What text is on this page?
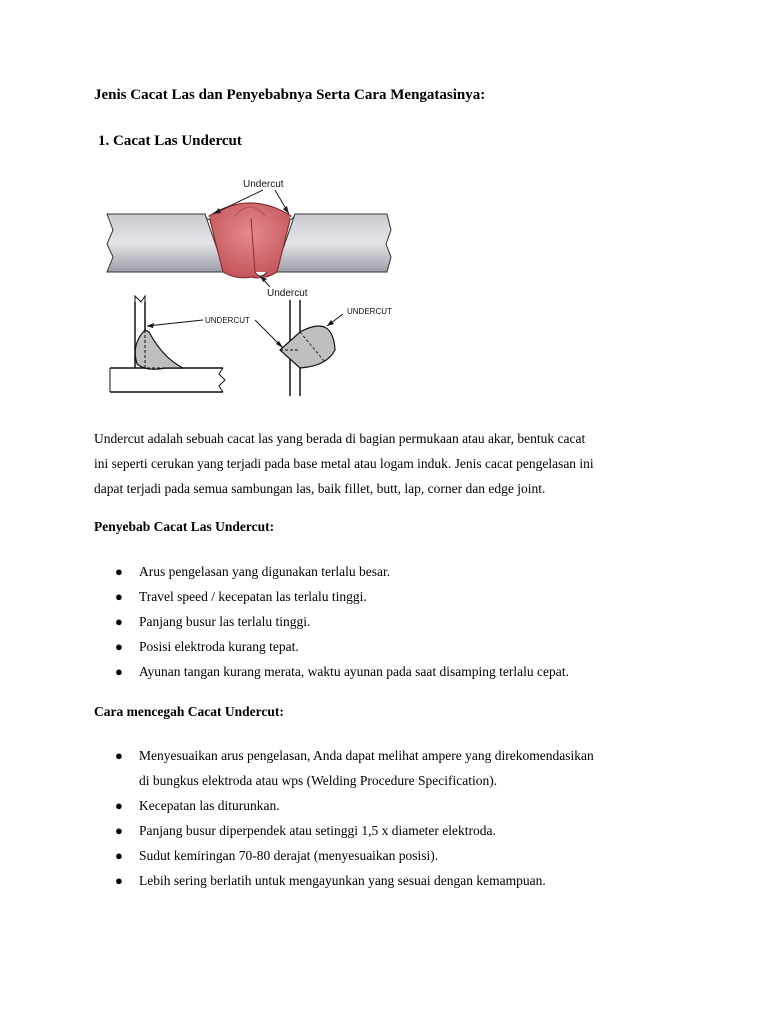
Jenis Cacat Las dan Penyebabnya Serta Cara Mengatasinya:
1. Cacat Las Undercut
Undercut
Undercut
UNDERCUT
UNDERCUT
Undercut adalah sebuah cacat las yang berada di bagian permukaan atau akar, bentuk cacat
ini seperti cerukan yang terjadi pada base metal atau logam induk. Jenis cacat pengelasan ini
dapat terjadi pada semua sambungan las, baik fillet, butt, lap, corner dan edge joint.
Penyebab Cacat Las Undercut:
● Arus pengelasan yang digunakan terlalu besar.
● Travel speed / kecepatan las terlalu tinggi.
● Panjang busur las terlalu tinggi.
● Posisi elektroda kurang tepat.
● Ayunan tangan kurang merata, waktu ayunan pada saat disamping terlalu cepat.
Cara mencegah Cacat Undercut:
● Menyesuaikan arus pengelasan, Anda dapat melihat ampere yang direkomendasikan
di bungkus elektroda atau wps (Welding Procedure Specification).
● Kecepatan las diturunkan.
● Panjang busur diperpendek atau setinggi 1,5 x diameter elektroda.
● Sudut kemiringan 70-80 derajat (menyesuaikan posisi).
● Lebih sering berlatih untuk mengayunkan yang sesuai dengan kemampuan.
